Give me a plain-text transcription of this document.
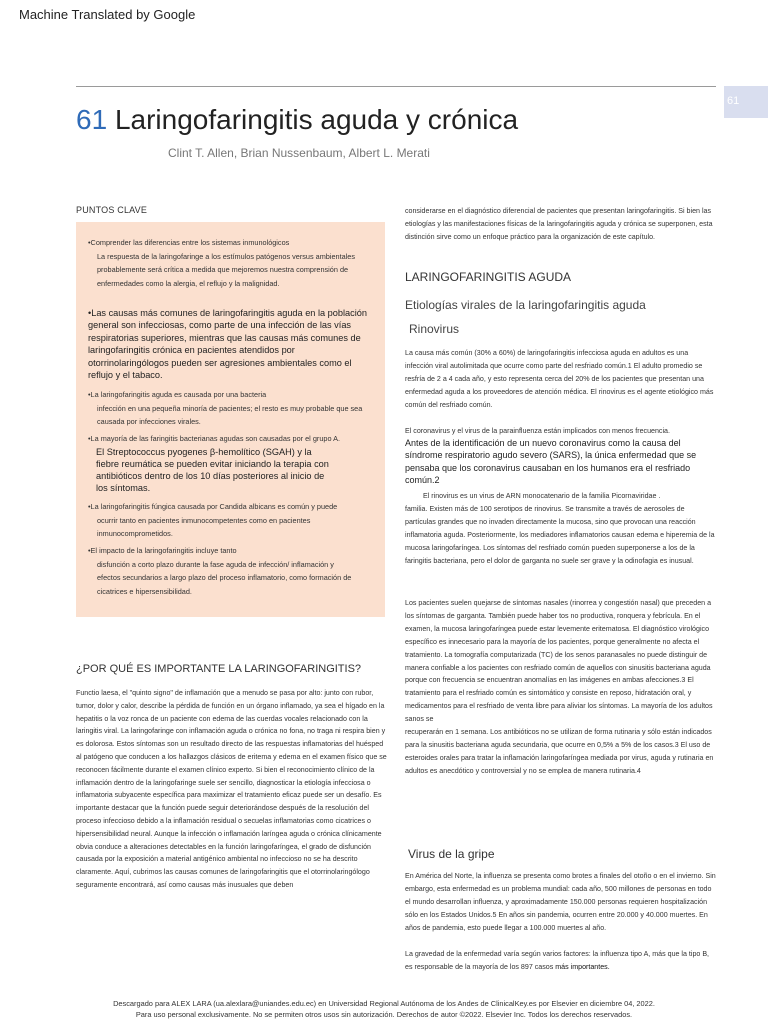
Machine Translated by Google
61
61 Laringofaringitis aguda y crónica
Clint T. Allen, Brian Nussenbaum, Albert L. Merati
PUNTOS CLAVE
•Comprender las diferencias entre los sistemas inmunológicos
La respuesta de la laringofaringe a los estímulos patógenos versus ambientales probablemente será crítica a medida que mejoremos nuestra comprensión de enfermedades como la alergia, el reflujo y la malignidad.
•Las causas más comunes de laringofaringitis aguda en la población general son infecciosas, como parte de una infección de las vías respiratorias superiores, mientras que las causas más comunes de laringofaringitis crónica en pacientes atendidos por otorrinolaringólogos pueden ser agresiones ambientales como el reflujo y el tabaco.
•La laringofaringitis aguda es causada por una bacteria
infección en una pequeña minoría de pacientes; el resto es muy probable que sea causada por infecciones virales.
•La mayoría de las faringitis bacterianas agudas son causadas por el grupo A.
El Streptococcus pyogenes β-hemolítico (SGAH) y la fiebre reumática se pueden evitar iniciando la terapia con antibióticos dentro de los 10 días posteriores al inicio de los síntomas.
•La laringofaringitis fúngica causada por Candida albicans es común y puede
ocurrir tanto en pacientes inmunocompetentes como en pacientes inmunocomprometidos.
•El impacto de la laringofaringitis incluye tanto
disfunción a corto plazo durante la fase aguda de infección/ inflamación y efectos secundarios a largo plazo del proceso inflamatorio, como formación de cicatrices e hipersensibilidad.
¿POR QUÉ ES IMPORTANTE LA LARINGOFARINGITIS?
Functio laesa, el "quinto signo" de inflamación que a menudo se pasa por alto: junto con rubor, tumor, dolor y calor, describe la pérdida de función en un órgano inflamado, ya sea el hígado en la hepatitis o la voz ronca de un paciente con edema de las cuerdas vocales relacionado con la laringitis viral. La laringofaringe con inflamación aguda o crónica no fona, no traga ni respira bien y es dolorosa. Estos síntomas son un resultado directo de las respuestas inflamatorias del huésped al patógeno que conducen a los hallazgos clásicos de eritema y edema en el examen físico que se reconocen fácilmente durante el examen clínico experto. Si bien el reconocimiento clínico de la inflamación dentro de la laringofaringe suele ser sencillo, diagnosticar la etiología infecciosa o inflamatoria subyacente específica para maximizar el tratamiento eficaz puede ser un desafío. Es importante destacar que la función puede seguir deteriorándose después de la resolución del proceso infeccioso debido a la inflamación residual o secuelas inflamatorias como cicatrices o hipersensibilidad neural. Aunque la infección o inflamación laríngea aguda o crónica clínicamente obvia conduce a alteraciones detectables en la función laringofaríngea, el grado de disfunción causada por la exposición a material antigénico ambiental no infeccioso no se ha descrito claramente. Aquí, cubrimos las causas comunes de laringofaringitis que el otorrinolaringólogo seguramente encontrará, así como causas más inusuales que deben
considerarse en el diagnóstico diferencial de pacientes que presentan laringofaringitis. Si bien las etiologías y las manifestaciones físicas de la laringofaringitis aguda y crónica se superponen, esta distinción sirve como un enfoque práctico para la organización de este capítulo.
LARINGOFARINGITIS AGUDA
Etiologías virales de la laringofaringitis aguda
Rinovirus
La causa más común (30% a 60%) de laringofaringitis infecciosa aguda en adultos es una infección viral autolimitada que ocurre como parte del resfriado común.1 El adulto promedio se resfría de 2 a 4 cada año, y esto representa cerca del 20% de los pacientes que presentan una enfermedad aguda a los proveedores de atención médica. El rinovirus es el agente etiológico más común del resfriado común.
El coronavirus y el virus de la parainfluenza están implicados con menos frecuencia.
Antes de la identificación de un nuevo coronavirus como la causa del síndrome respiratorio agudo severo (SARS), la única enfermedad que se pensaba que los coronavirus causaban en los humanos era el resfriado común.2
El rinovirus es un virus de ARN monocatenario de la familia Picornaviridae .
familia. Existen más de 100 serotipos de rinovirus. Se transmite a través de aerosoles de partículas grandes que no invaden directamente la mucosa, sino que provocan una reacción inflamatoria aguda. Posteriormente, los mediadores inflamatorios causan edema e hiperemia de la mucosa laringofaríngea. Los síntomas del resfriado común pueden superponerse a los de la faringitis bacteriana, pero el dolor de garganta no suele ser grave y la odinofagia es inusual.
Los pacientes suelen quejarse de síntomas nasales (rinorrea y congestión nasal) que preceden a los síntomas de garganta. También puede haber tos no productiva, ronquera y febrícula. En el examen, la mucosa laringofaríngea puede estar levemente eritematosa. El diagnóstico virológico específico es innecesario para la mayoría de los pacientes, porque generalmente no afecta el tratamiento. La tomografía computarizada (TC) de los senos paranasales no puede distinguir de manera confiable a los pacientes con resfriado común de aquellos con sinusitis bacteriana aguda porque con frecuencia se encuentran anomalías en las imágenes en ambas afecciones.3 El tratamiento para el resfriado común es sintomático y consiste en reposo, hidratación oral, y medicamentos para el resfriado de venta libre para aliviar los síntomas. La mayoría de los adultos sanos se
recuperarán en 1 semana. Los antibióticos no se utilizan de forma rutinaria y sólo están indicados para la sinusitis bacteriana aguda secundaria, que ocurre en 0,5% a 5% de los casos.3 El uso de esteroides orales para tratar la inflamación laringofaríngea mediada por virus, aguda y rutinaria en adultos es anecdótico y controversial y no se emplea de manera rutinaria.4
Virus de la gripe
En América del Norte, la influenza se presenta como brotes a finales del otoño o en el invierno. Sin embargo, esta enfermedad es un problema mundial: cada año, 500 millones de personas en todo el mundo desarrollan influenza, y aproximadamente 150.000 personas requieren hospitalización sólo en los Estados Unidos.5 En años sin pandemia, ocurren entre 20.000 y 40.000 muertes. En años de pandemia, esto puede llegar a 100.000 muertes al año.
La gravedad de la enfermedad varía según varios factores: la influenza tipo A, más que la tipo B, es responsable de la mayoría de los 897 casos más importantes.
Descargado para ALEX LARA (ua.alexlara@uniandes.edu.ec) en Universidad Regional Autónoma de los Andes de ClinicalKey.es por Elsevier en diciembre 04, 2022.
Para uso personal exclusivamente. No se permiten otros usos sin autorización. Derechos de autor ©2022. Elsevier Inc. Todos los derechos reservados.
